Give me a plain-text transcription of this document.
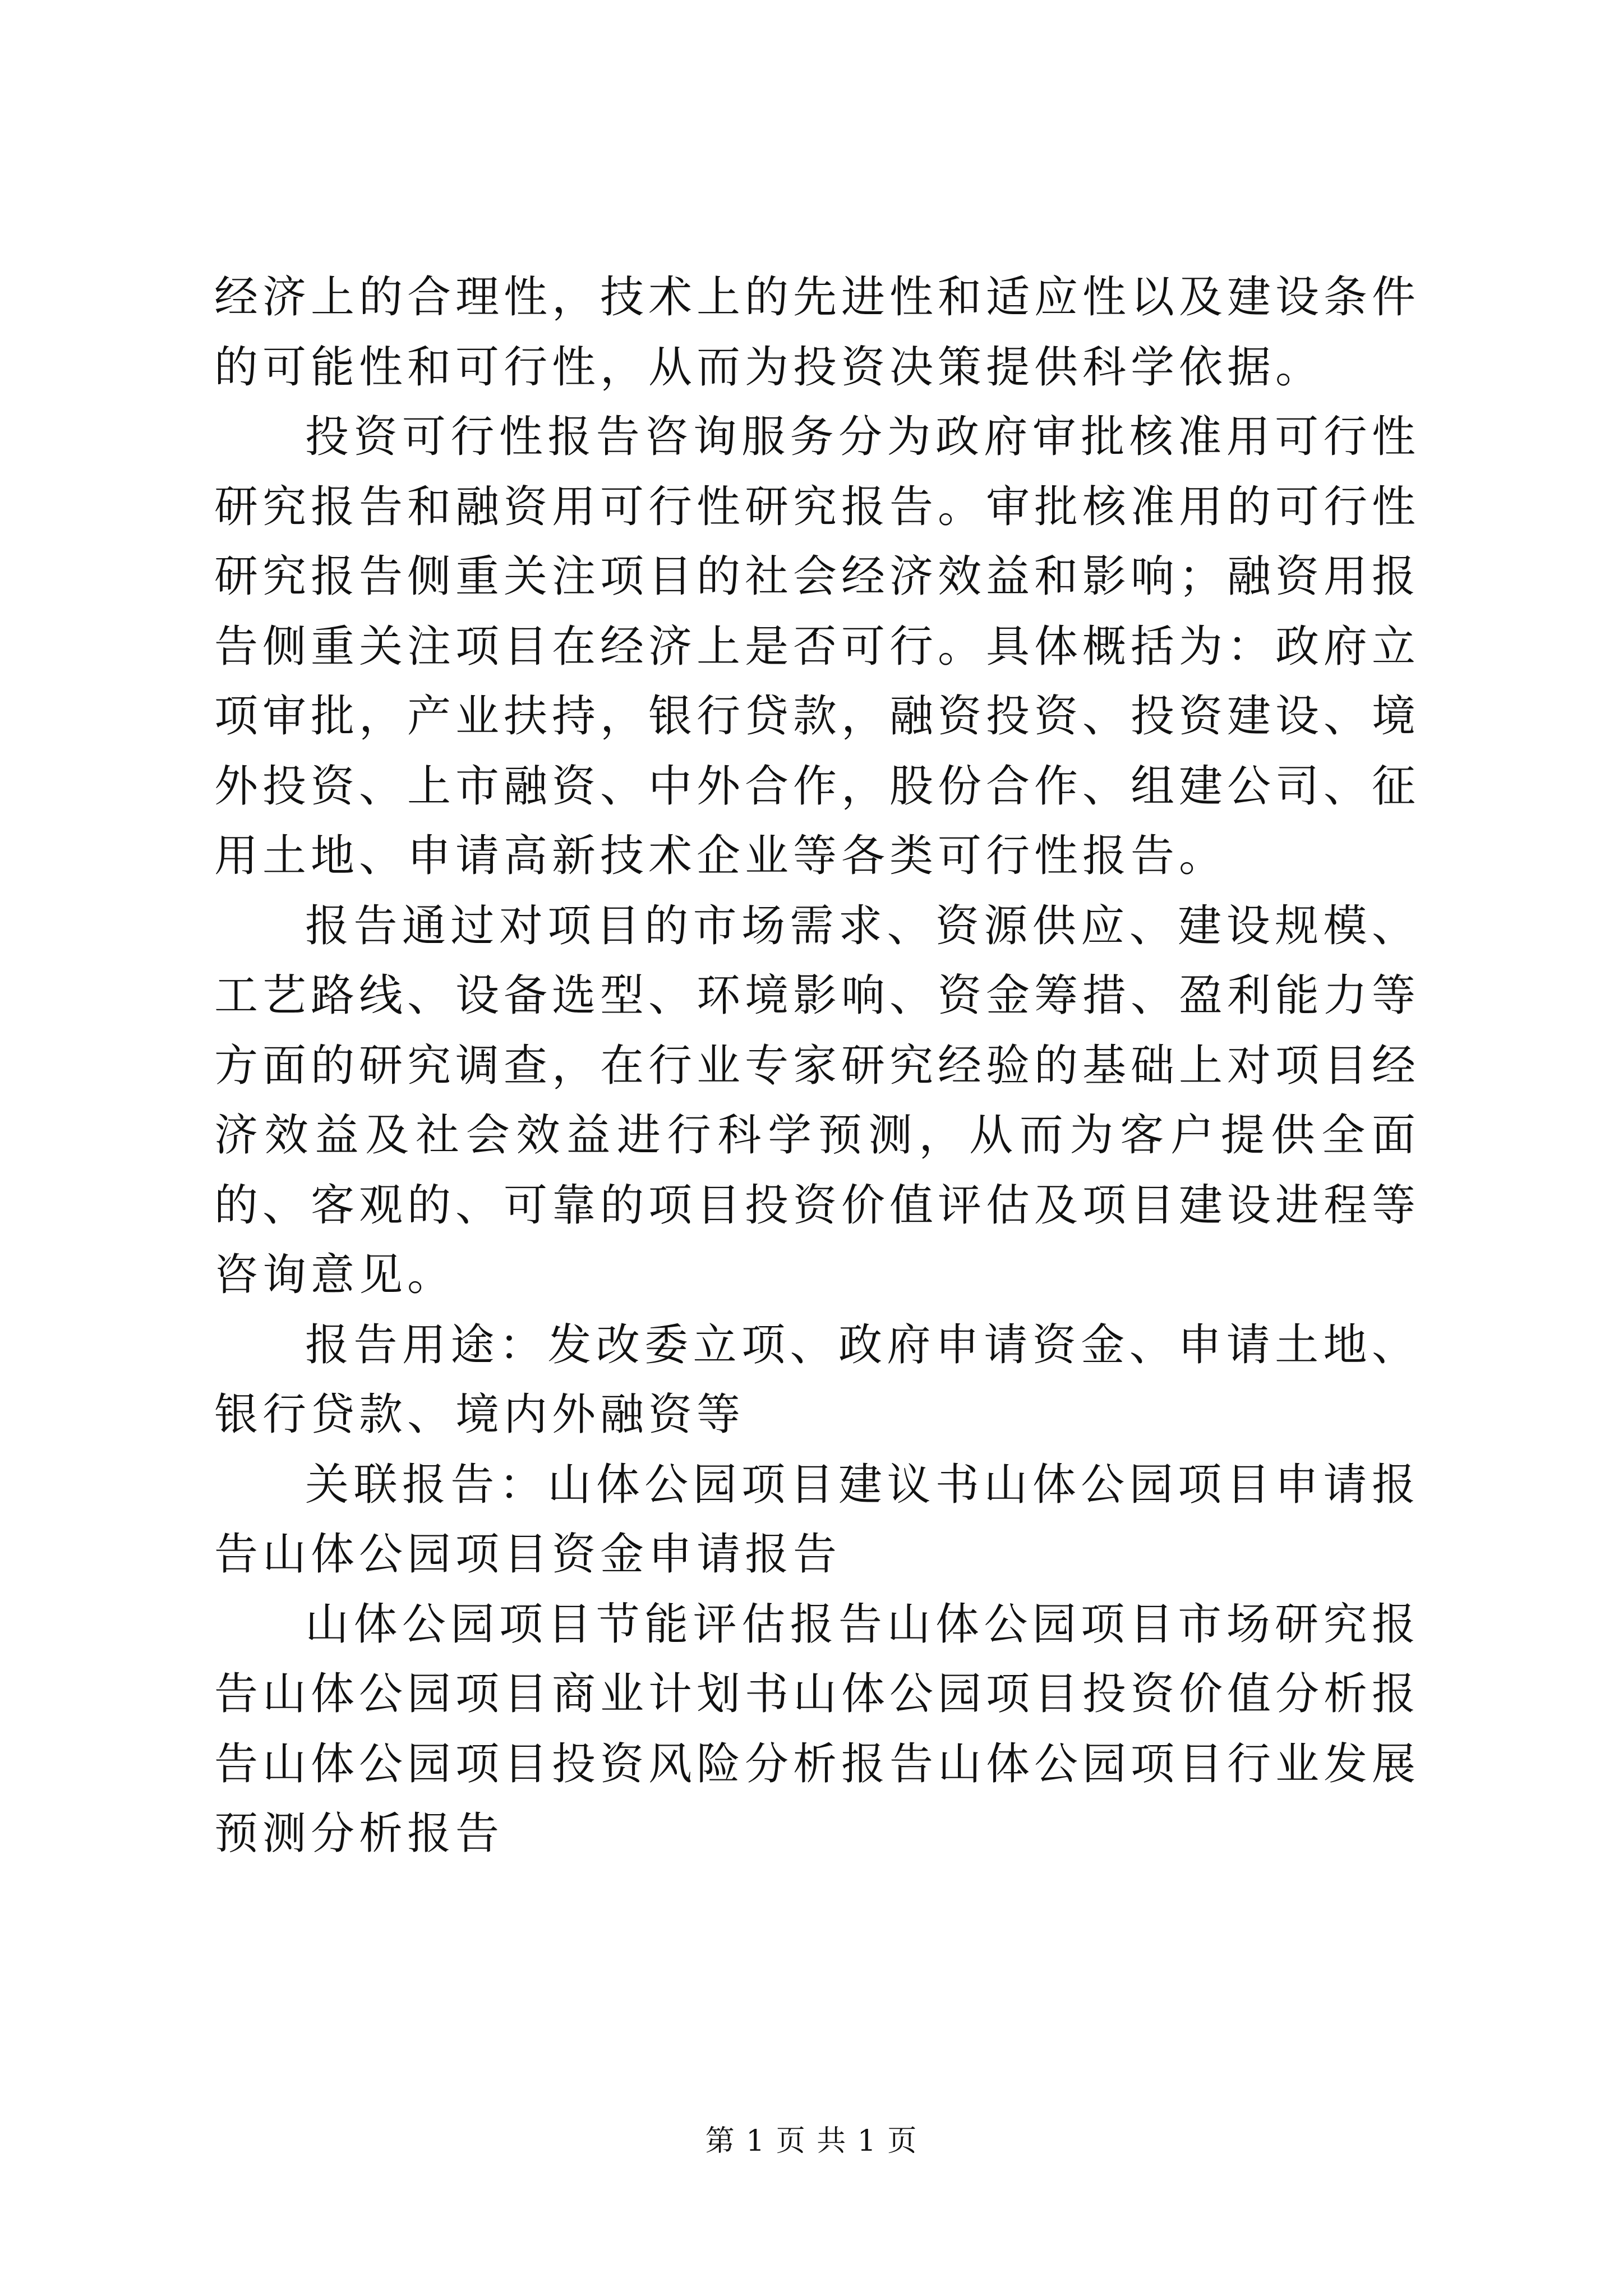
经济上的合理性，技术上的先进性和适应性以及建设条件的可能性和可行性，从而为投资决策提供科学依据。

投资可行性报告咨询服务分为政府审批核准用可行性研究报告和融资用可行性研究报告。审批核准用的可行性研究报告侧重关注项目的社会经济效益和影响；融资用报告侧重关注项目在经济上是否可行。具体概括为：政府立项审批，产业扶持，银行贷款，融资投资、投资建设、境外投资、上市融资、中外合作，股份合作、组建公司、征用土地、申请高新技术企业等各类可行性报告。

报告通过对项目的市场需求、资源供应、建设规模、工艺路线、设备选型、环境影响、资金筹措、盈利能力等方面的研究调查，在行业专家研究经验的基础上对项目经济效益及社会效益进行科学预测，从而为客户提供全面的、客观的、可靠的项目投资价值评估及项目建设进程等咨询意见。

报告用途：发改委立项、政府申请资金、申请土地、银行贷款、境内外融资等

关联报告：山体公园项目建议书山体公园项目申请报告山体公园项目资金申请报告

山体公园项目节能评估报告山体公园项目市场研究报告山体公园项目商业计划书山体公园项目投资价值分析报告山体公园项目投资风险分析报告山体公园项目行业发展预测分析报告

第 1 页 共 1 页
